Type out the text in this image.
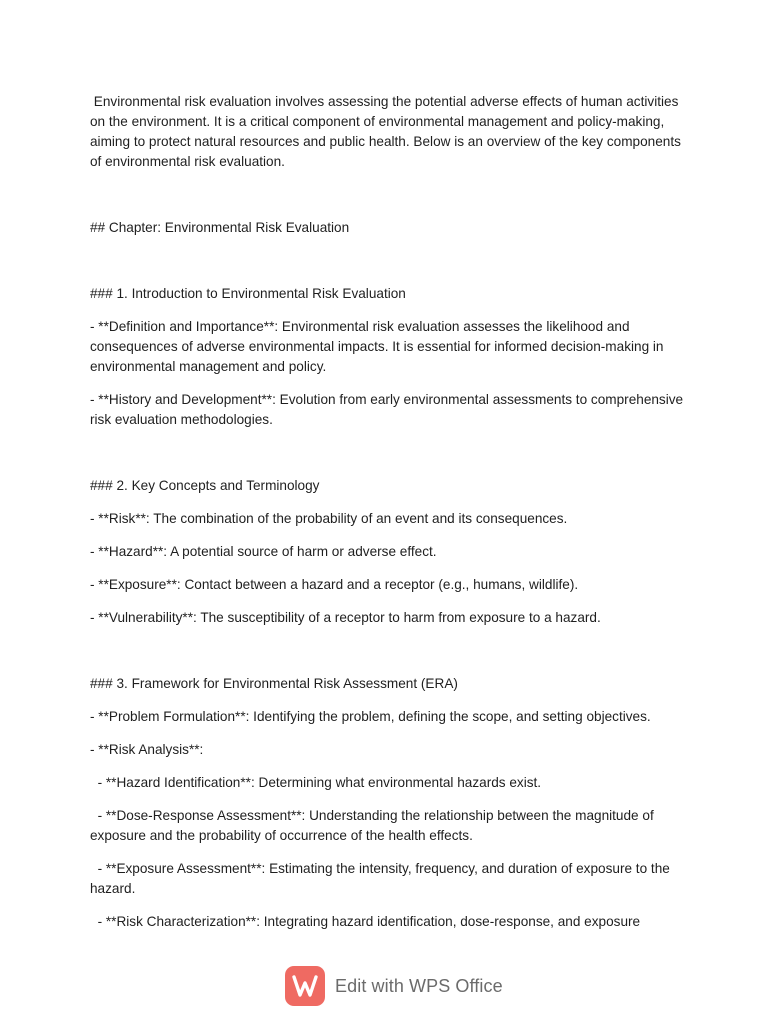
Environmental risk evaluation involves assessing the potential adverse effects of human activities on the environment. It is a critical component of environmental management and policy-making, aiming to protect natural resources and public health. Below is an overview of the key components of environmental risk evaluation.

## Chapter: Environmental Risk Evaluation

### 1. Introduction to Environmental Risk Evaluation

- **Definition and Importance**: Environmental risk evaluation assesses the likelihood and consequences of adverse environmental impacts. It is essential for informed decision-making in environmental management and policy.

- **History and Development**: Evolution from early environmental assessments to comprehensive risk evaluation methodologies.

### 2. Key Concepts and Terminology

- **Risk**: The combination of the probability of an event and its consequences.

- **Hazard**: A potential source of harm or adverse effect.

- **Exposure**: Contact between a hazard and a receptor (e.g., humans, wildlife).

- **Vulnerability**: The susceptibility of a receptor to harm from exposure to a hazard.

### 3. Framework for Environmental Risk Assessment (ERA)

- **Problem Formulation**: Identifying the problem, defining the scope, and setting objectives.

- **Risk Analysis**:

- **Hazard Identification**: Determining what environmental hazards exist.

- **Dose-Response Assessment**: Understanding the relationship between the magnitude of exposure and the probability of occurrence of the health effects.

- **Exposure Assessment**: Estimating the intensity, frequency, and duration of exposure to the hazard.

- **Risk Characterization**: Integrating hazard identification, dose-response, and exposure

Edit with WPS Office
